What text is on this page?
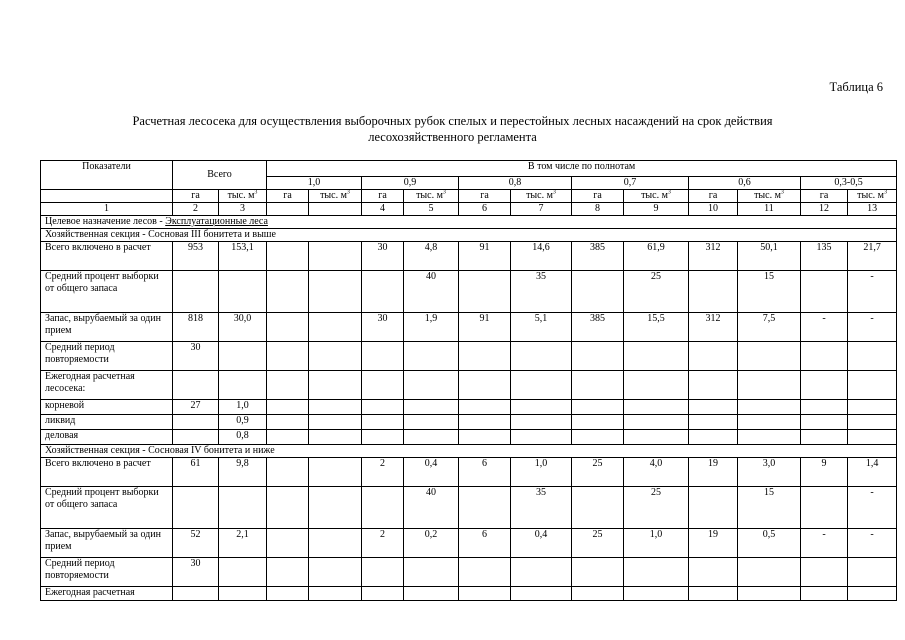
Таблица 6
Расчетная лесосека для осуществления выборочных рубок спелых и перестойных лесных насаждений на срок действия
лесохозяйственного регламента
Показатели	Всего		В том числе по полнотам											
			1,0		0,9		0,8		0,7		0,6		0,3-0,5	
	га	тыс. $м^3$	га	тыс. $м^3$	га	тыс. $м^3$	га	тыс. $м^3$	га	тыс. $м^3$	га	тыс. $м^3$	га	тыс. $м^3$
1	2	3			4	5	6	7	8	9	10	11	12	13
Целевое назначение лесов - Эксплуатационные леса														
Хозяйственная секция - Сосновая III бонитета и выше														
Всего включено в расчет	953	153,1			30	4,8	91	14,6	385	61,9	312	50,1	135	21,7
Средний процент выборки от общего запаса						40		35		25		15		-
Запас, вырубаемый за один прием	818	30,0			30	1,9	91	5,1	385	15,5	312	7,5	-	-
Средний период повторяемости	30													
Ежегодная расчетная лесосека:														
корневой	27	1,0												
ликвид		0,9												
деловая		0,8												
Хозяйственная секция - Сосновая IV бонитета и ниже														
Всего включено в расчет	61	9,8			2	0,4	6	1,0	25	4,0	19	3,0	9	1,4
Средний процент выборки от общего запаса						40		35		25		15		-
Запас, вырубаемый за один прием	52	2,1			2	0,2	6	0,4	25	1,0	19	0,5	-	-
Средний период повторяемости	30													
Ежегодная расчетная														
